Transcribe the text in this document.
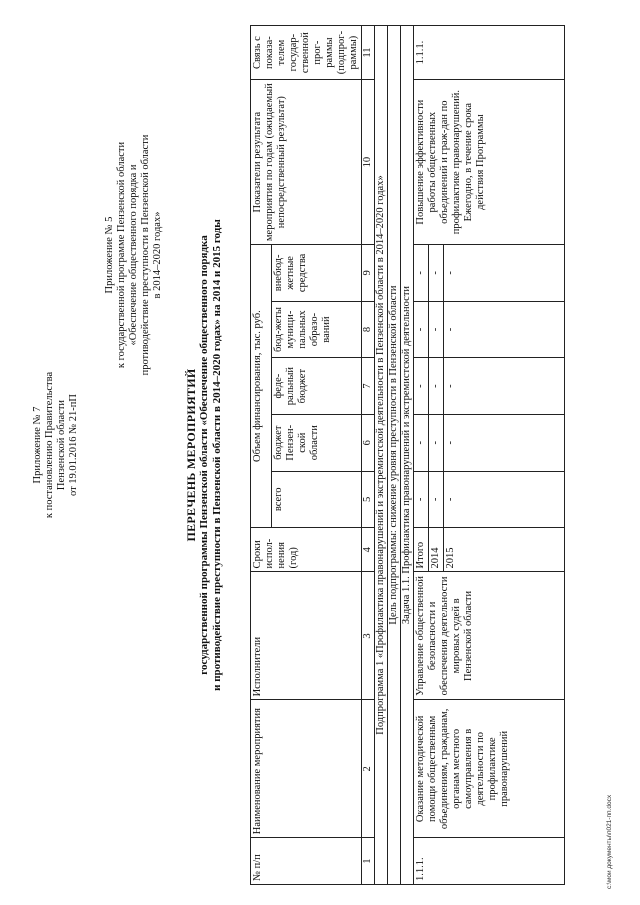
Приложение № 7 к постановлению Правительства Пензенской области от 19.01.2016 № 21-пП
Приложение № 5 к государственной программе Пензенской области «Обеспечение общественного порядка и противодействие преступности в Пензенской области в 2014–2020 годах»
ПЕРЕЧЕНЬ МЕРОПРИЯТИЙ государственной программы Пензенской области «Обеспечение общественного порядка и противодействие преступности в Пензенской области в 2014–2020 годах» на 2014 и 2015 годы
№ п/п	Наименование мероприятия	Исполнители	Сроки испол-нения (год)	Объем финансирования, тыс. руб.					Показатели результата мероприятия по годам (ожидаемый непосредственный результат)	Связь с показа-телем государ-ственной прог-раммы (подпрог-раммы)
				всего	бюджет Пензен-ской области	феде-ральный бюджет	бюд-жеты муници-пальных образо-ваний	внебюд-жетные средства		
1	2	3	4	5	6	7	8	9	10	11
Подпрограмма 1 «Профилактика правонарушений и экстремистской деятельности в Пензенской области в 2014–2020 годах»										
Цель подпрограммы: снижение уровня преступности в Пензенской области										
Задача 1.1. Профилактика правонарушений и экстремистской деятельности										
1.1.1.	Оказание методической помощи общественным объединениям, гражданам, органам местного самоуправления в деятельности по профилактике правонарушений	Управление общественной безопасности и обеспечения деятельности мировых судей в Пензенской области	Итого	-	-	-	-	-	Повышение эффективности работы общественных объединений и граж-дан по профилактике правонарушений. Ежегодно, в течение срока действия Программы	1.1.1.
			2014	-	-	-	-	-		
			2015	-	-	-	-	-		
c:\мои документы\п021-пп.docx
